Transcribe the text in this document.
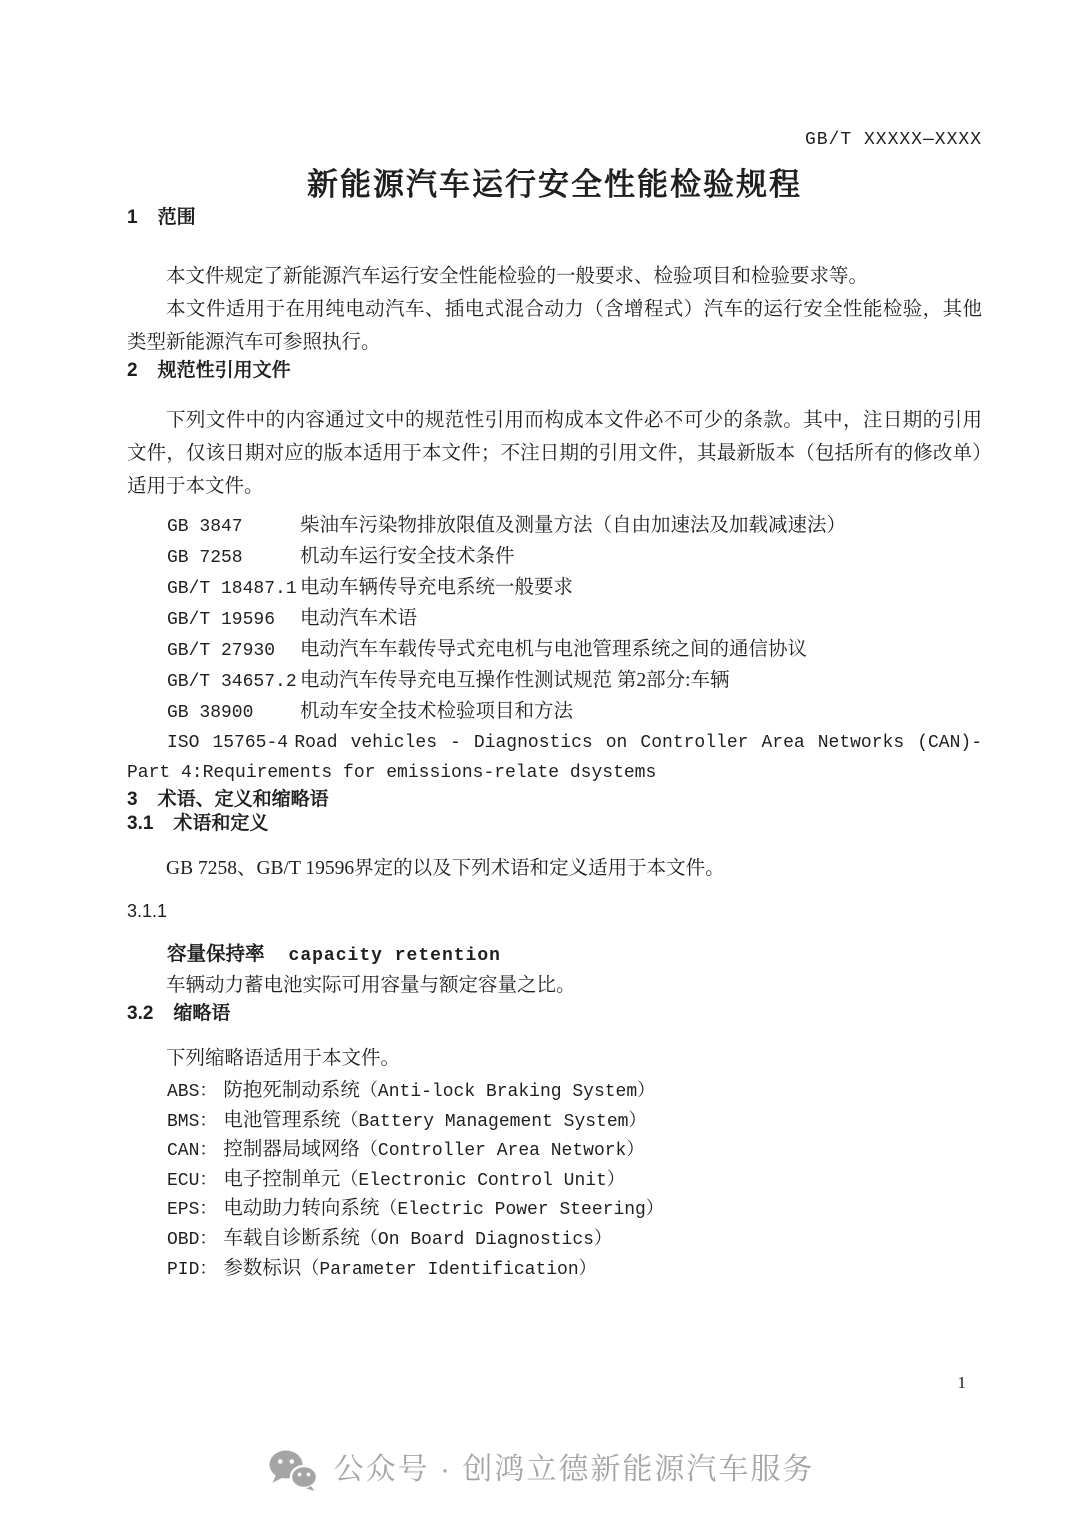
GB/T XXXXX—XXXX
新能源汽车运行安全性能检验规程
1 范围

本文件规定了新能源汽车运行安全性能检验的一般要求、检验项目和检验要求等。

本文件适用于在用纯电动汽车、插电式混合动力（含增程式）汽车的运行安全性能检验，其他类型新能源汽车可参照执行。

2 规范性引用文件

下列文件中的内容通过文中的规范性引用而构成本文件必不可少的条款。其中，注日期的引用文件，仅该日期对应的版本适用于本文件；不注日期的引用文件，其最新版本（包括所有的修改单）适用于本文件。

GB 3847	柴油车污染物排放限值及测量方法（自由加速法及加载减速法）
GB 7258	机动车运行安全技术条件
GB/T 18487.1 电动车辆传导充电系统一般要求
GB/T 19596 电动汽车术语
GB/T 27930 电动汽车车载传导式充电机与电池管理系统之间的通信协议
GB/T 34657.2 电动汽车传导充电互操作性测试规范 第2部分:车辆
GB 38900 机动车安全技术检验项目和方法

ISO 15765-4 Road vehicles - Diagnostics on Controller Area Networks (CAN)- Part 4:Requirements for emissions-relate dsystems

3 术语、定义和缩略语
3.1 术语和定义

GB 7258、GB/T 19596界定的以及下列术语和定义适用于本文件。

3.1.1
容量保持率 capacity retention

车辆动力蓄电池实际可用容量与额定容量之比。

3.2 缩略语

下列缩略语适用于本文件。

ABS： 防抱死制动系统（Anti-lock Braking System）
BMS： 电池管理系统（Battery Management System）
CAN： 控制器局域网络（Controller Area Network）
ECU： 电子控制单元（Electronic Control Unit）
EPS： 电动助力转向系统（Electric Power Steering）
OBD： 车载自诊断系统（On Board Diagnostics）
PID： 参数标识（Parameter Identification）
1
公众号 · 创鸿立德新能源汽车服务
